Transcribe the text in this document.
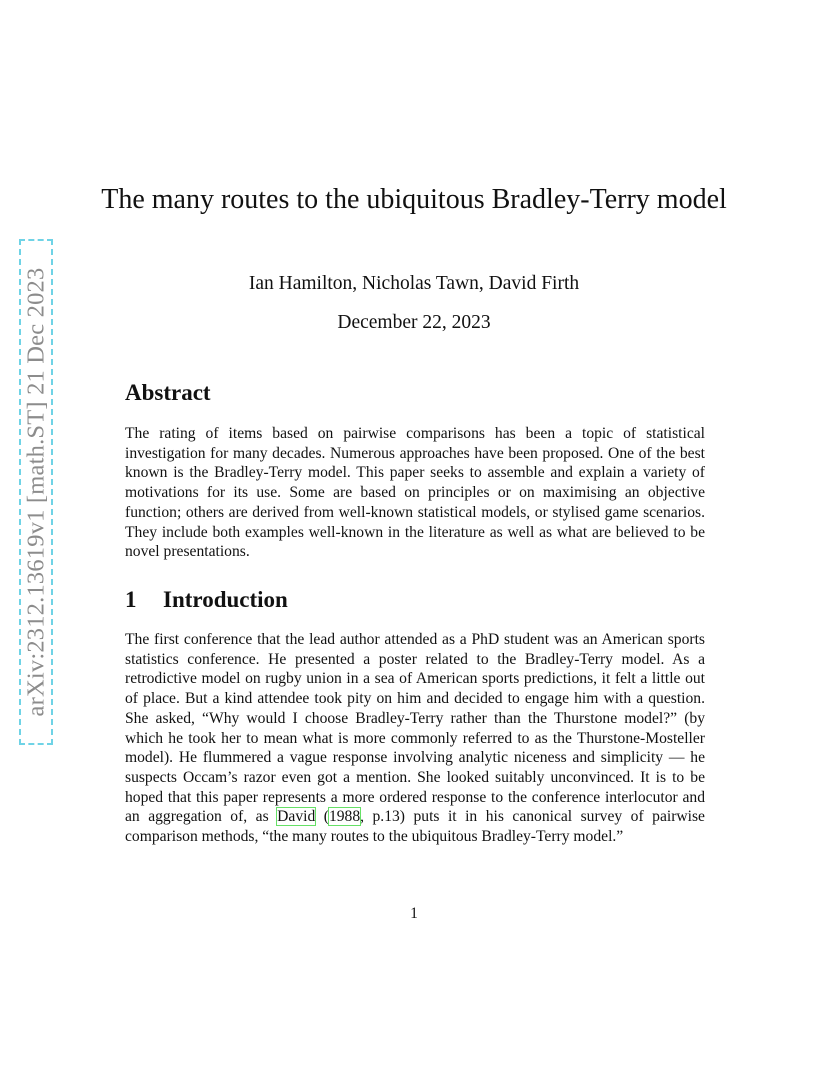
arXiv:2312.13619v1 [math.ST] 21 Dec 2023
The many routes to the ubiquitous Bradley-Terry model
Ian Hamilton, Nicholas Tawn, David Firth
December 22, 2023
Abstract

The rating of items based on pairwise comparisons has been a topic of statistical investigation for many decades. Numerous approaches have been proposed. One of the best known is the Bradley-Terry model. This paper seeks to assemble and explain a variety of motivations for its use. Some are based on principles or on maximising an objective function; others are derived from well-known statistical models, or stylised game scenarios. They include both examples well-known in the literature as well as what are believed to be novel presentations.

1 Introduction

The first conference that the lead author attended as a PhD student was an American sports statistics conference. He presented a poster related to the Bradley-Terry model. As a retrodictive model on rugby union in a sea of American sports predictions, it felt a little out of place. But a kind attendee took pity on him and decided to engage him with a question. She asked, “Why would I choose Bradley-Terry rather than the Thurstone model?” (by which he took her to mean what is more commonly referred to as the Thurstone-Mosteller model). He flummered a vague response involving analytic niceness and simplicity — he suspects Occam’s razor even got a mention. She looked suitably unconvinced. It is to be hoped that this paper represents a more ordered response to the conference interlocutor and an aggregation of, as David (1988, p.13) puts it in his canonical survey of pairwise comparison methods, “the many routes to the ubiquitous Bradley-Terry model.”

1
